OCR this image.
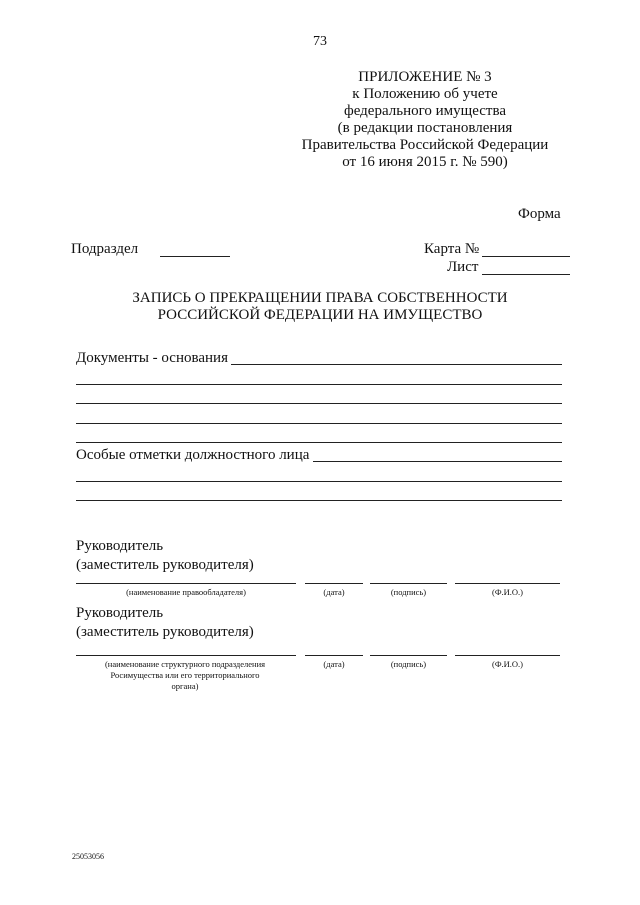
73
ПРИЛОЖЕНИЕ № 3
к Положению об учете
федерального имущества
(в редакции постановления
Правительства Российской Федерации
от 16 июня 2015 г. № 590)
Форма
Подраздел	Карта №
Лист
ЗАПИСЬ О ПРЕКРАЩЕНИИ ПРАВА СОБСТВЕННОСТИ
РОССИЙСКОЙ ФЕДЕРАЦИИ НА ИМУЩЕСТВО
Документы - основания
Особые отметки должностного лица
Руководитель
(заместитель руководителя)
(наименование правообладателя)	(дата)	(подпись)	(Ф.И.О.)
Руководитель
(заместитель руководителя)
(наименование структурного подразделения
Росимущества или его территориального
органа)
(дата)	(подпись)	(Ф.И.О.)
25053056
